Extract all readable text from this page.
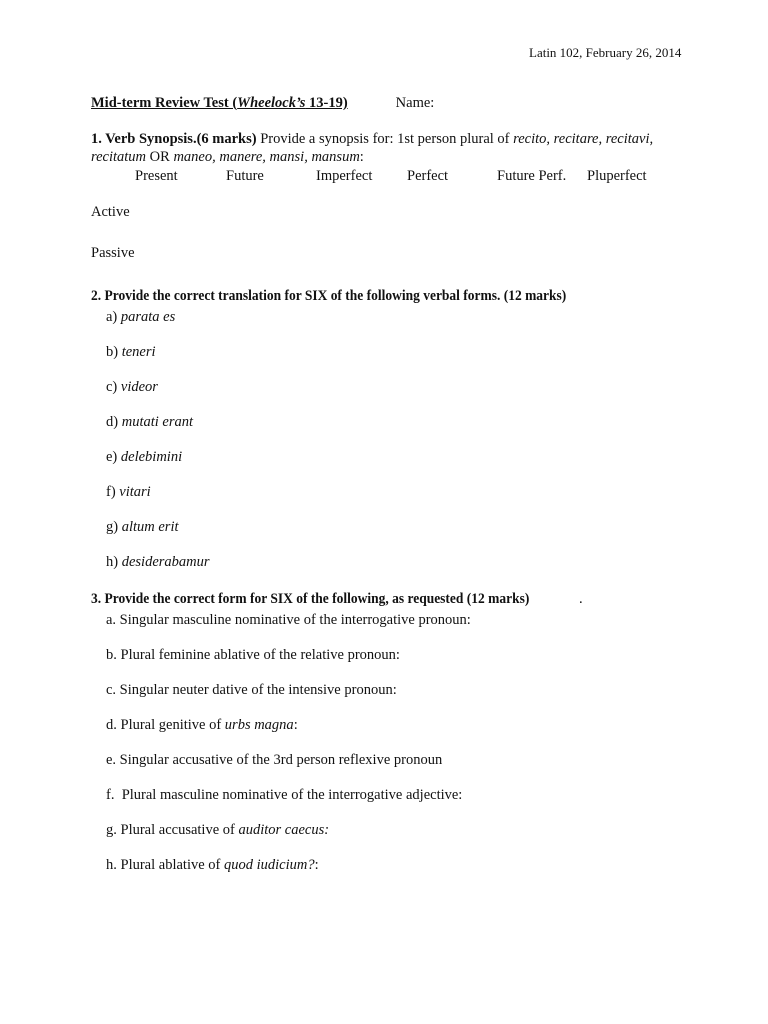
Latin 102, February 26, 2014
Mid-term Review Test (Wheelock’s 13-19)	Name:
1. Verb Synopsis.(6 marks) Provide a synopsis for: 1st person plural of recito, recitare, recitavi,
recitatum OR maneo, manere, mansi, mansum:
Present	Future	Imperfect Perfect	Future Perf. Pluperfect
Active
Passive
2. Provide the correct translation for SIX of the following verbal forms. (12 marks)
a) parata es
b) teneri
c) videor
d) mutati erant
e) delebimini
f) vitari
g) altum erit
h) desiderabamur
3. Provide the correct form for SIX of the following, as requested (12 marks)	.
a. Singular masculine nominative of the interrogative pronoun:
b. Plural feminine ablative of the relative pronoun:
c. Singular neuter dative of the intensive pronoun:
d. Plural genitive of urbs magna:
e. Singular accusative of the 3rd person reflexive pronoun
f.  Plural masculine nominative of the interrogative adjective:
g. Plural accusative of auditor caecus:
h. Plural ablative of quod iudicium?:
